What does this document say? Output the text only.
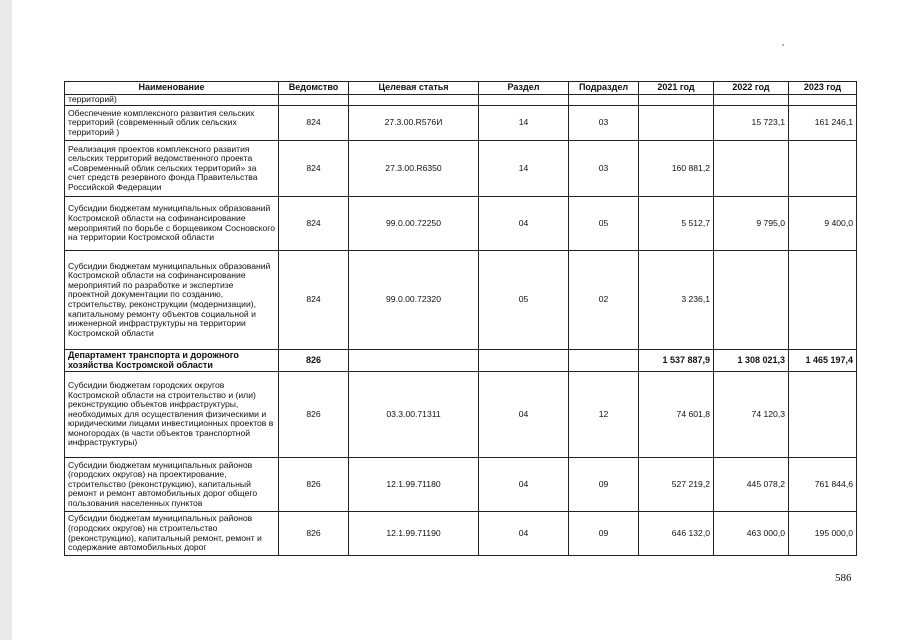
Наименование	Ведомство	Целевая статья	Раздел	Подраздел	2021 год	2022 год	2023 год
территорий)							
Обеспечение комплексного развития сельских территорий (современный облик сельских территорий )	824	27.3.00.R576И	14	03		15 723,1	161 246,1
Реализация проектов комплексного развития сельских территорий ведомственного проекта «Современный облик сельских территорий» за счет средств резервного фонда Правительства Российской Федерации	824	27.3.00.R6350	14	03	160 881,2		
Субсидии бюджетам муниципальных образований Костромской области на софинансирование мероприятий по борьбе с борщевиком Сосновского на территории Костромской области	824	99.0.00.72250	04	05	5 512,7	9 795,0	9 400,0
Субсидии бюджетам муниципальных образований Костромской области на софинансирование мероприятий по разработке и экспертизе проектной документации по созданию, строительству, реконструкции (модернизации), капитальному ремонту объектов социальной и инженерной инфраструктуры на территории Костромской области	824	99.0.00.72320	05	02	3 236,1		
Департамент транспорта и дорожного хозяйства Костромской области	826				1 537 887,9	1 308 021,3	1 465 197,4
Субсидии бюджетам городских округов Костромской области на строительство и (или) реконструкцию объектов инфраструктуры, необходимых для осуществления физическими и юридическими лицами инвестиционных проектов в моногородах (в части объектов транспортной инфраструктуры)	826	03.3.00.71311	04	12	74 601,8	74 120,3	
Субсидии бюджетам муниципальных районов (городских округов) на проектирование, строительство (реконструкцию), капитальный ремонт и ремонт автомобильных дорог общего пользования населенных пунктов	826	12.1.99.71180	04	09	527 219,2	445 078,2	761 844,6
Субсидии бюджетам муниципальных районов (городских округов) на строительство (реконструкцию), капитальный ремонт, ремонт и содержание автомобильных дорог	826	12.1.99.71190	04	09	646 132,0	463 000,0	195 000,0
586
